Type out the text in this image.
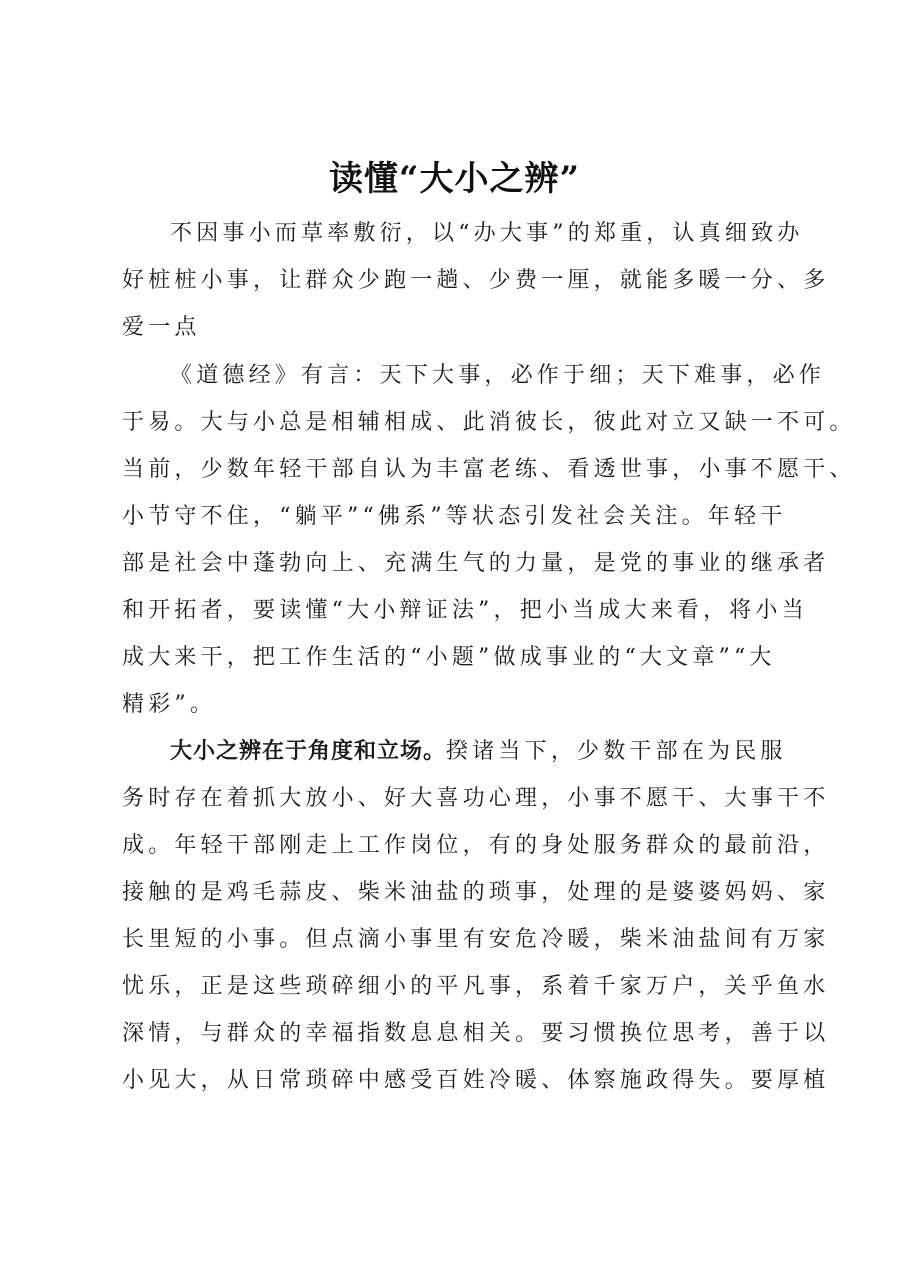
读懂“大小之辨”
不因事小而草率敷衍，以“办大事”的郑重，认真细致办
好桩桩小事，让群众少跑一趟、少费一厘，就能多暖一分、多
爱一点
《道德经》有言：天下大事，必作于细；天下难事，必作
于易。大与小总是相辅相成、此消彼长，彼此对立又缺一不可。
当前，少数年轻干部自认为丰富老练、看透世事，小事不愿干、
小节守不住，“躺平”“佛系”等状态引发社会关注。年轻干
部是社会中蓬勃向上、充满生气的力量，是党的事业的继承者
和开拓者，要读懂“大小辩证法”，把小当成大来看，将小当
成大来干，把工作生活的“小题”做成事业的“大文章”“大
精彩”。
大小之辨在于角度和立场。揆诸当下，少数干部在为民服
务时存在着抓大放小、好大喜功心理，小事不愿干、大事干不
成。年轻干部刚走上工作岗位，有的身处服务群众的最前沿，
接触的是鸡毛蒜皮、柴米油盐的琐事，处理的是婆婆妈妈、家
长里短的小事。但点滴小事里有安危冷暖，柴米油盐间有万家
忧乐，正是这些琐碎细小的平凡事，系着千家万户，关乎鱼水
深情，与群众的幸福指数息息相关。要习惯换位思考，善于以
小见大，从日常琐碎中感受百姓冷暖、体察施政得失。要厚植
